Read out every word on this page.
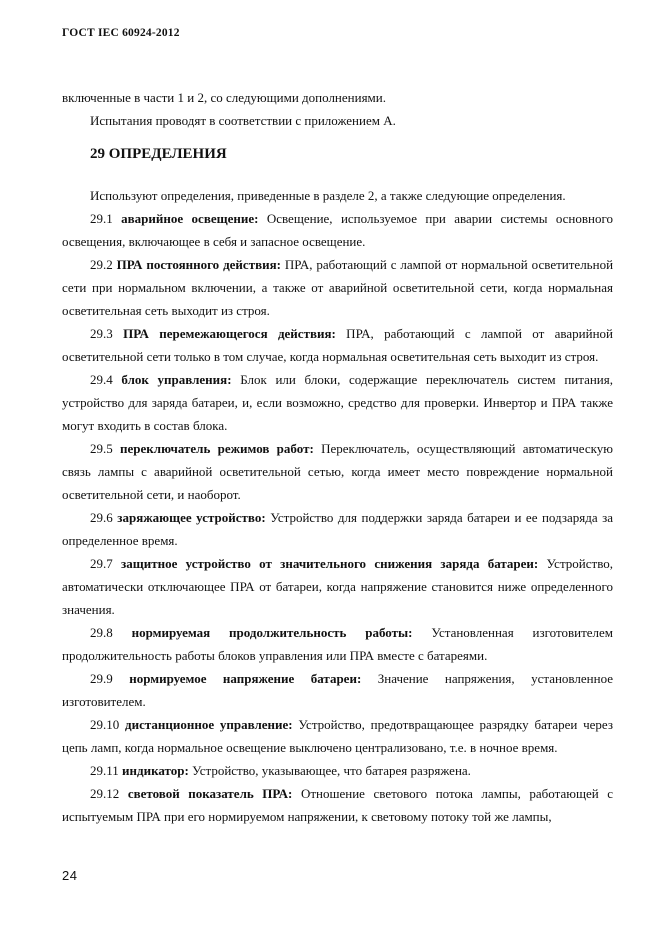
ГОСТ IEC 60924-2012

включенные в части 1 и 2, со следующими дополнениями.

Испытания проводят в соответствии с приложением А.

29 ОПРЕДЕЛЕНИЯ

Используют определения, приведенные в разделе 2, а также следующие определения.

29.1 аварийное освещение: Освещение, используемое при аварии системы основного освещения, включающее в себя и запасное освещение.

29.2 ПРА постоянного действия: ПРА, работающий с лампой от нормальной осветительной сети при нормальном включении, а также от аварийной осветительной сети, когда нормальная осветительная сеть выходит из строя.

29.3 ПРА перемежающегося действия: ПРА, работающий с лампой от аварийной осветительной сети только в том случае, когда нормальная осветительная сеть выходит из строя.

29.4 блок управления: Блок или блоки, содержащие переключатель систем питания, устройство для заряда батареи, и, если возможно, средство для проверки. Инвертор и ПРА также могут входить в состав блока.

29.5 переключатель режимов работ: Переключатель, осуществляющий автоматическую связь лампы с аварийной осветительной сетью, когда имеет место повреждение нормальной осветительной сети, и наоборот.

29.6 заряжающее устройство: Устройство для поддержки заряда батареи и ее подзаряда за определенное время.

29.7 защитное устройство от значительного снижения заряда батареи: Устройство, автоматически отключающее ПРА от батареи, когда напряжение становится ниже определенного значения.

29.8 нормируемая продолжительность работы: Установленная изготовителем продолжительность работы блоков управления или ПРА вместе с батареями.

29.9 нормируемое напряжение батареи: Значение напряжения, установленное изготовителем.

29.10 дистанционное управление: Устройство, предотвращающее разрядку батареи через цепь ламп, когда нормальное освещение выключено централизовано, т.е. в ночное время.

29.11 индикатор: Устройство, указывающее, что батарея разряжена.

29.12 световой показатель ПРА: Отношение светового потока лампы, работающей с испытуемым ПРА при его нормируемом напряжении, к световому потоку той же лампы,

24
